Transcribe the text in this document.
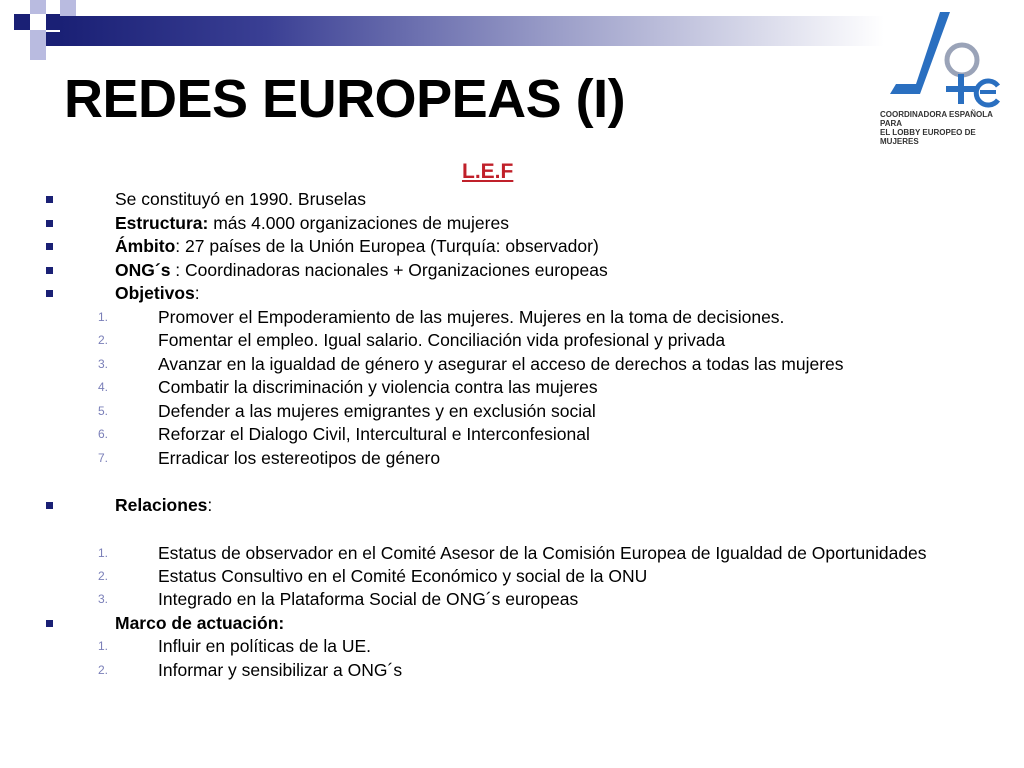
REDES EUROPEAS (I)	COORDINADORA ESPAÑOLA PARA
EL LOBBY EUROPEO DE MUJERES
L.E.F
Se constituyó en 1990. Bruselas
Estructura: más 4.000 organizaciones de mujeres
Ámbito: 27 países de la Unión Europea (Turquía: observador)
ONG´s : Coordinadoras nacionales + Organizaciones europeas
Objetivos:
1.	Promover el Empoderamiento de las mujeres. Mujeres en la toma de decisiones.
2.	Fomentar el empleo. Igual salario. Conciliación vida profesional y privada
3.	Avanzar en la igualdad de género y asegurar el acceso de derechos a todas las mujeres
4.	Combatir la discriminación y violencia contra las mujeres
5.	Defender a las mujeres emigrantes y en exclusión social
6.	Reforzar el Dialogo Civil, Intercultural e Interconfesional
7.	Erradicar los estereotipos de género
Relaciones:
1.	Estatus de observador en el Comité Asesor de la Comisión Europea de Igualdad de Oportunidades
2.	Estatus Consultivo en el Comité Económico y social de la ONU
3.	Integrado en la Plataforma Social de ONG´s europeas
Marco de actuación:
1.	Influir en políticas de la UE.
2.	Informar y sensibilizar a ONG´s
